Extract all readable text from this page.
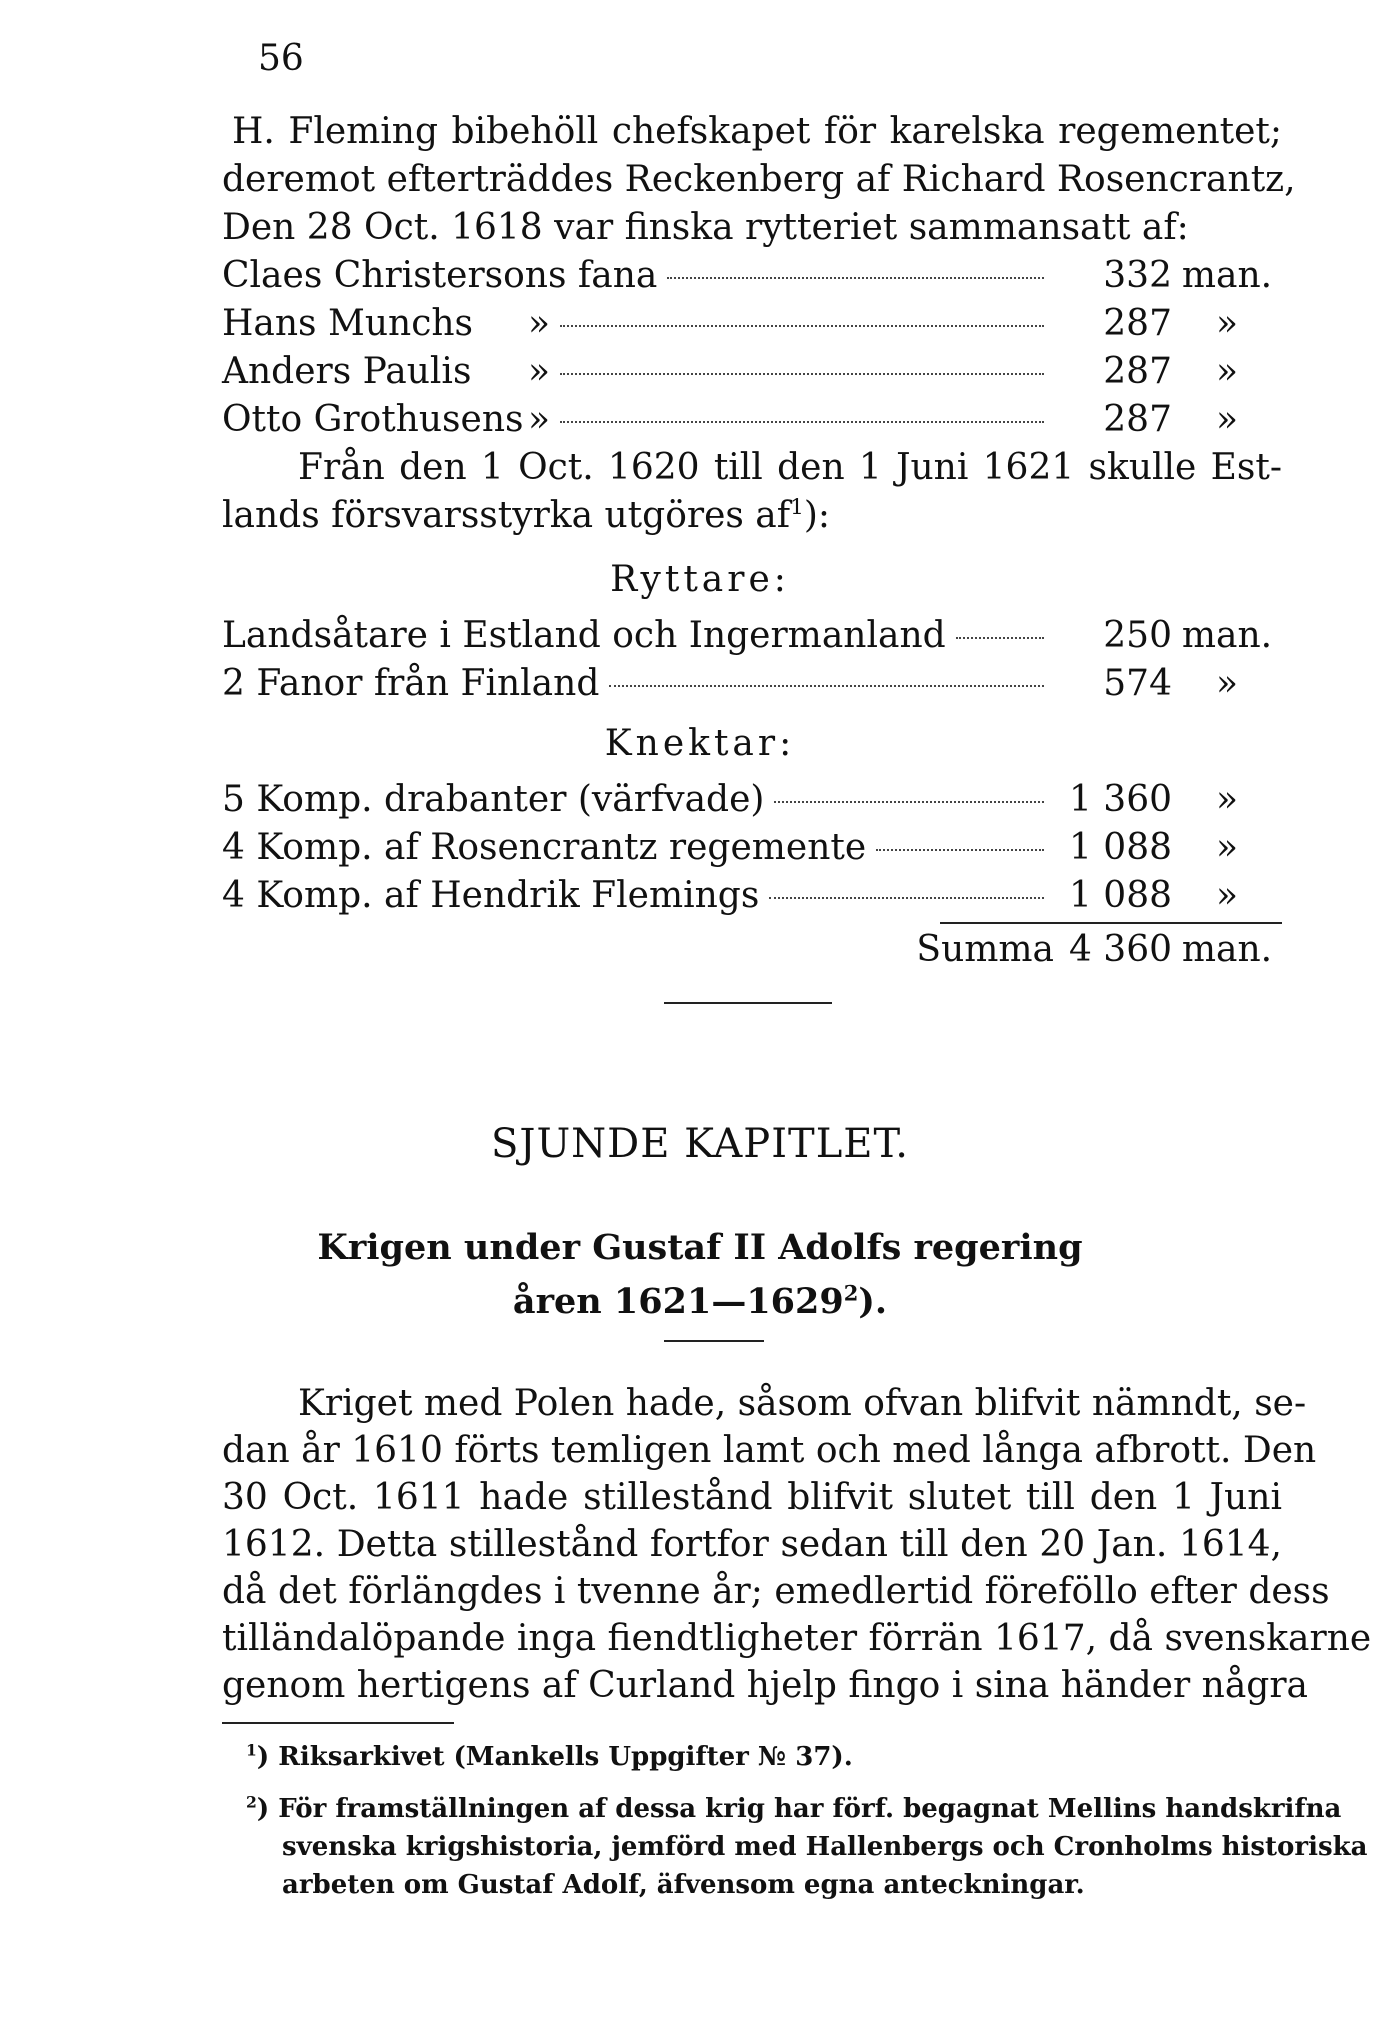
56
H. Fleming bibehöll chefskapet för karelska regementet;
deremot efterträddes Reckenberg af Richard Rosencrantz,
Den 28 Oct. 1618 var finska rytteriet sammansatt af:
Claes Christersons fana	332 man.
Hans Munchs	»	287	»
Anders Paulis	»	287	»
Otto Grothusens »	287	»
Från den 1 Oct. 1620 till den 1 Juni 1621 skulle Est-
lands försvarsstyrka utgöres $af^1$):
Ryttare:
Landsåtare i Estland och Ingermanland	250 man.
2 Fanor från Finland	574	»
Knektar:
5 Komp. drabanter (värfvade)	1 360	»
4 Komp. af Rosencrantz regemente	1 088	»
4 Komp. af Hendrik Flemings	1 088	»
Summa 4 360 man.
SJUNDE KAPITLET.
Krigen under Gustaf II Adolfs regering
åren 1621—1629$^2$).
Kriget med Polen hade, såsom ofvan blifvit nämndt, se-
dan år 1610 förts temligen lamt och med långa afbrott. Den
30 Oct. 1611 hade stillestånd blifvit slutet till den 1 Juni
1612. Detta stillestånd fortfor sedan till den 20 Jan. 1614,
då det förlängdes i tvenne år; emedlertid föreföllo efter dess
tilländalöpande inga fiendtligheter förrän 1617, då svenskarne
genom hertigens af Curland hjelp fingo i sina händer några
$^1$) Riksarkivet (Mankells Uppgifter № 37).
$^2$) För framställningen af dessa krig har förf. begagnat Mellins handskrifna
svenska krigshistoria, jemförd med Hallenbergs och Cronholms historiska
arbeten om Gustaf Adolf, äfvensom egna anteckningar.
